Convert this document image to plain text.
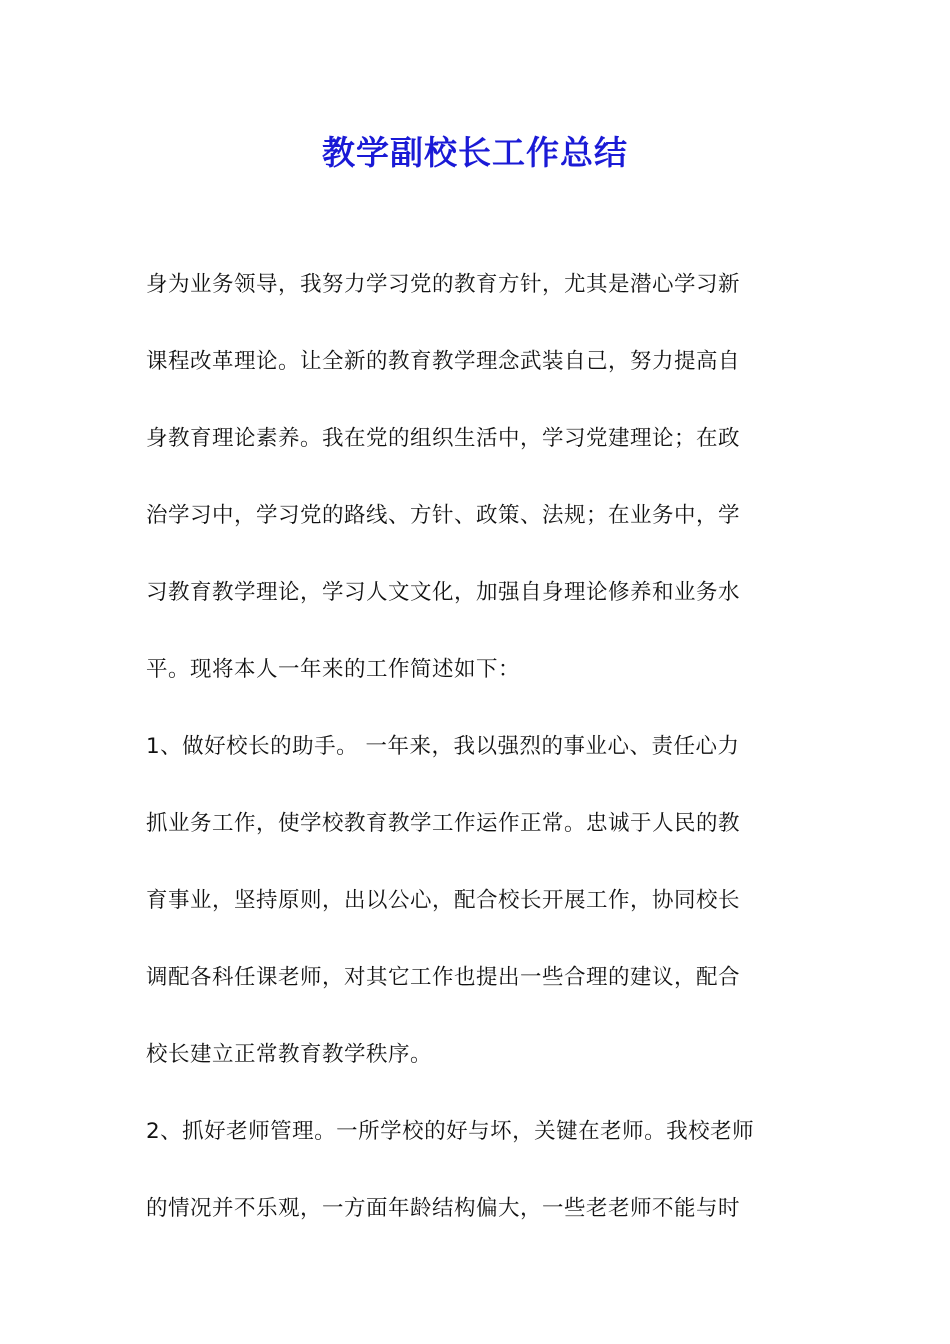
教学副校长工作总结
身为业务领导，我努力学习党的教育方针，尤其是潜心学习新
课程改革理论。让全新的教育教学理念武装自己，努力提高自
身教育理论素养。我在党的组织生活中，学习党建理论；在政
治学习中，学习党的路线、方针、政策、法规；在业务中，学
习教育教学理论，学习人文文化，加强自身理论修养和业务水
平。现将本人一年来的工作简述如下：
1、做好校长的助手。 一年来，我以强烈的事业心、责任心力
抓业务工作，使学校教育教学工作运作正常。忠诚于人民的教
育事业，坚持原则，出以公心，配合校长开展工作，协同校长
调配各科任课老师，对其它工作也提出一些合理的建议，配合
校长建立正常教育教学秩序。
2、抓好老师管理。一所学校的好与坏，关键在老师。我校老师
的情况并不乐观，一方面年龄结构偏大，一些老老师不能与时
